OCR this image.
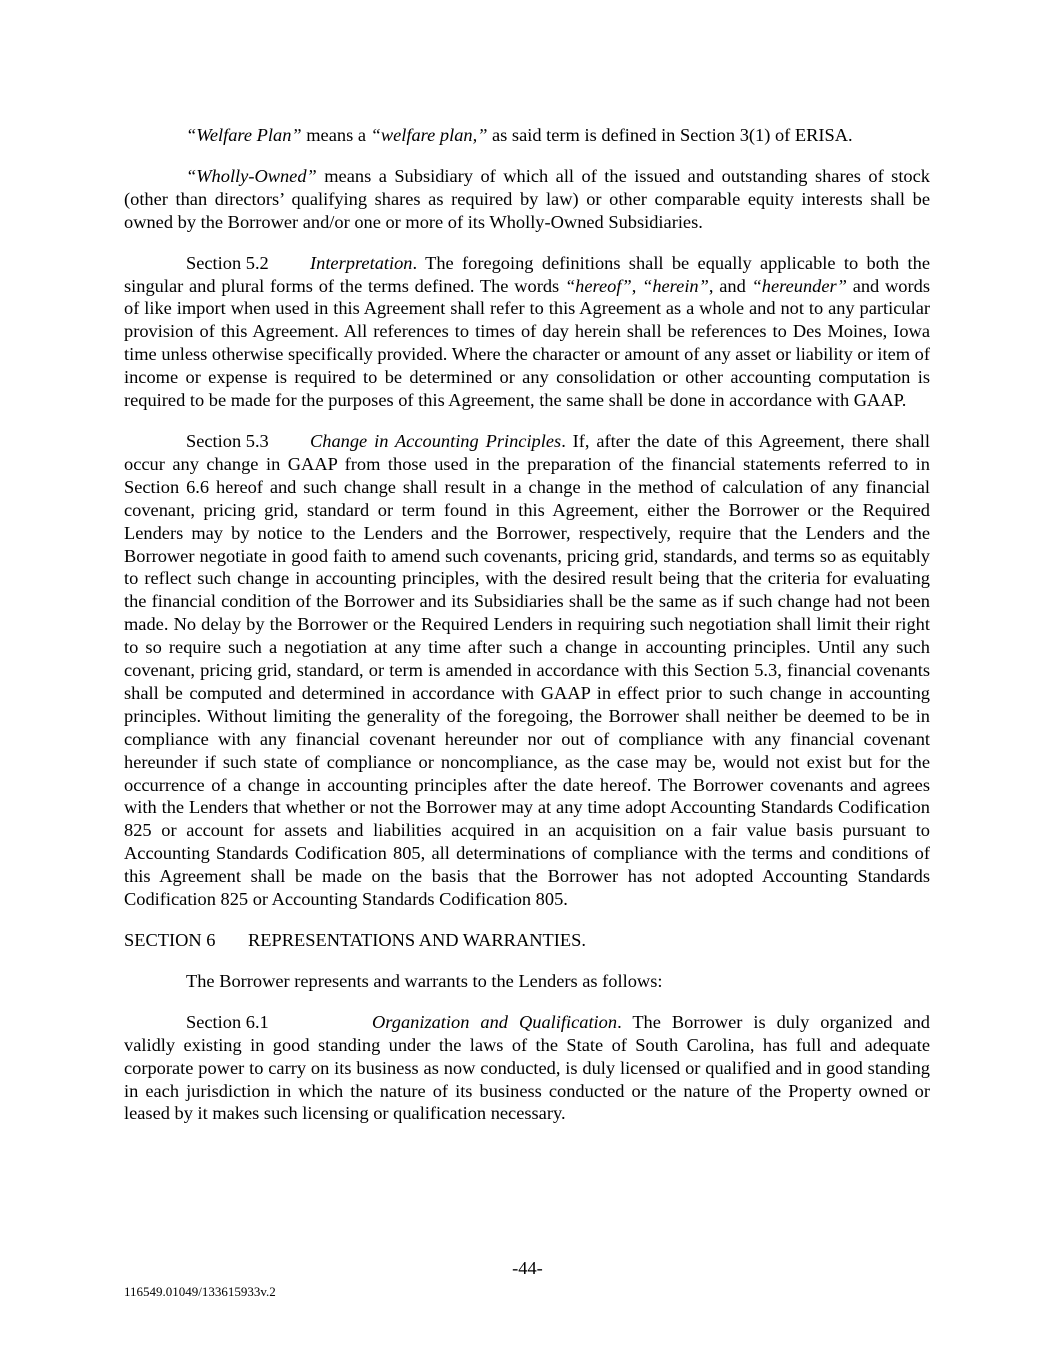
“Welfare Plan” means a “welfare plan,” as said term is defined in Section 3(1) of ERISA.

“Wholly-Owned” means a Subsidiary of which all of the issued and outstanding shares of stock (other than directors’ qualifying shares as required by law) or other comparable equity interests shall be owned by the Borrower and/or one or more of its Wholly-Owned Subsidiaries.

Section 5.2 Interpretation. The foregoing definitions shall be equally applicable to both the singular and plural forms of the terms defined. The words “hereof”, “herein”, and “hereunder” and words of like import when used in this Agreement shall refer to this Agreement as a whole and not to any particular provision of this Agreement. All references to times of day herein shall be references to Des Moines, Iowa time unless otherwise specifically provided. Where the character or amount of any asset or liability or item of income or expense is required to be determined or any consolidation or other accounting computation is required to be made for the purposes of this Agreement, the same shall be done in accordance with GAAP.

Section 5.3 Change in Accounting Principles. If, after the date of this Agreement, there shall occur any change in GAAP from those used in the preparation of the financial statements referred to in Section 6.6 hereof and such change shall result in a change in the method of calculation of any financial covenant, pricing grid, standard or term found in this Agreement, either the Borrower or the Required Lenders may by notice to the Lenders and the Borrower, respectively, require that the Lenders and the Borrower negotiate in good faith to amend such covenants, pricing grid, standards, and terms so as equitably to reflect such change in accounting principles, with the desired result being that the criteria for evaluating the financial condition of the Borrower and its Subsidiaries shall be the same as if such change had not been made. No delay by the Borrower or the Required Lenders in requiring such negotiation shall limit their right to so require such a negotiation at any time after such a change in accounting principles. Until any such covenant, pricing grid, standard, or term is amended in accordance with this Section 5.3, financial covenants shall be computed and determined in accordance with GAAP in effect prior to such change in accounting principles. Without limiting the generality of the foregoing, the Borrower shall neither be deemed to be in compliance with any financial covenant hereunder nor out of compliance with any financial covenant hereunder if such state of compliance or noncompliance, as the case may be, would not exist but for the occurrence of a change in accounting principles after the date hereof. The Borrower covenants and agrees with the Lenders that whether or not the Borrower may at any time adopt Accounting Standards Codification 825 or account for assets and liabilities acquired in an acquisition on a fair value basis pursuant to Accounting Standards Codification 805, all determinations of compliance with the terms and conditions of this Agreement shall be made on the basis that the Borrower has not adopted Accounting Standards Codification 825 or Accounting Standards Codification 805.

SECTION 6 REPRESENTATIONS AND WARRANTIES.

The Borrower represents and warrants to the Lenders as follows:

Section 6.1	Organization and Qualification. The Borrower is duly organized and validly existing in good standing under the laws of the State of South Carolina, has full and adequate corporate power to carry on its business as now conducted, is duly licensed or qualified and in good standing in each jurisdiction in which the nature of its business conducted or the nature of the Property owned or leased by it makes such licensing or qualification necessary.

-44-
116549.01049/133615933v.2
